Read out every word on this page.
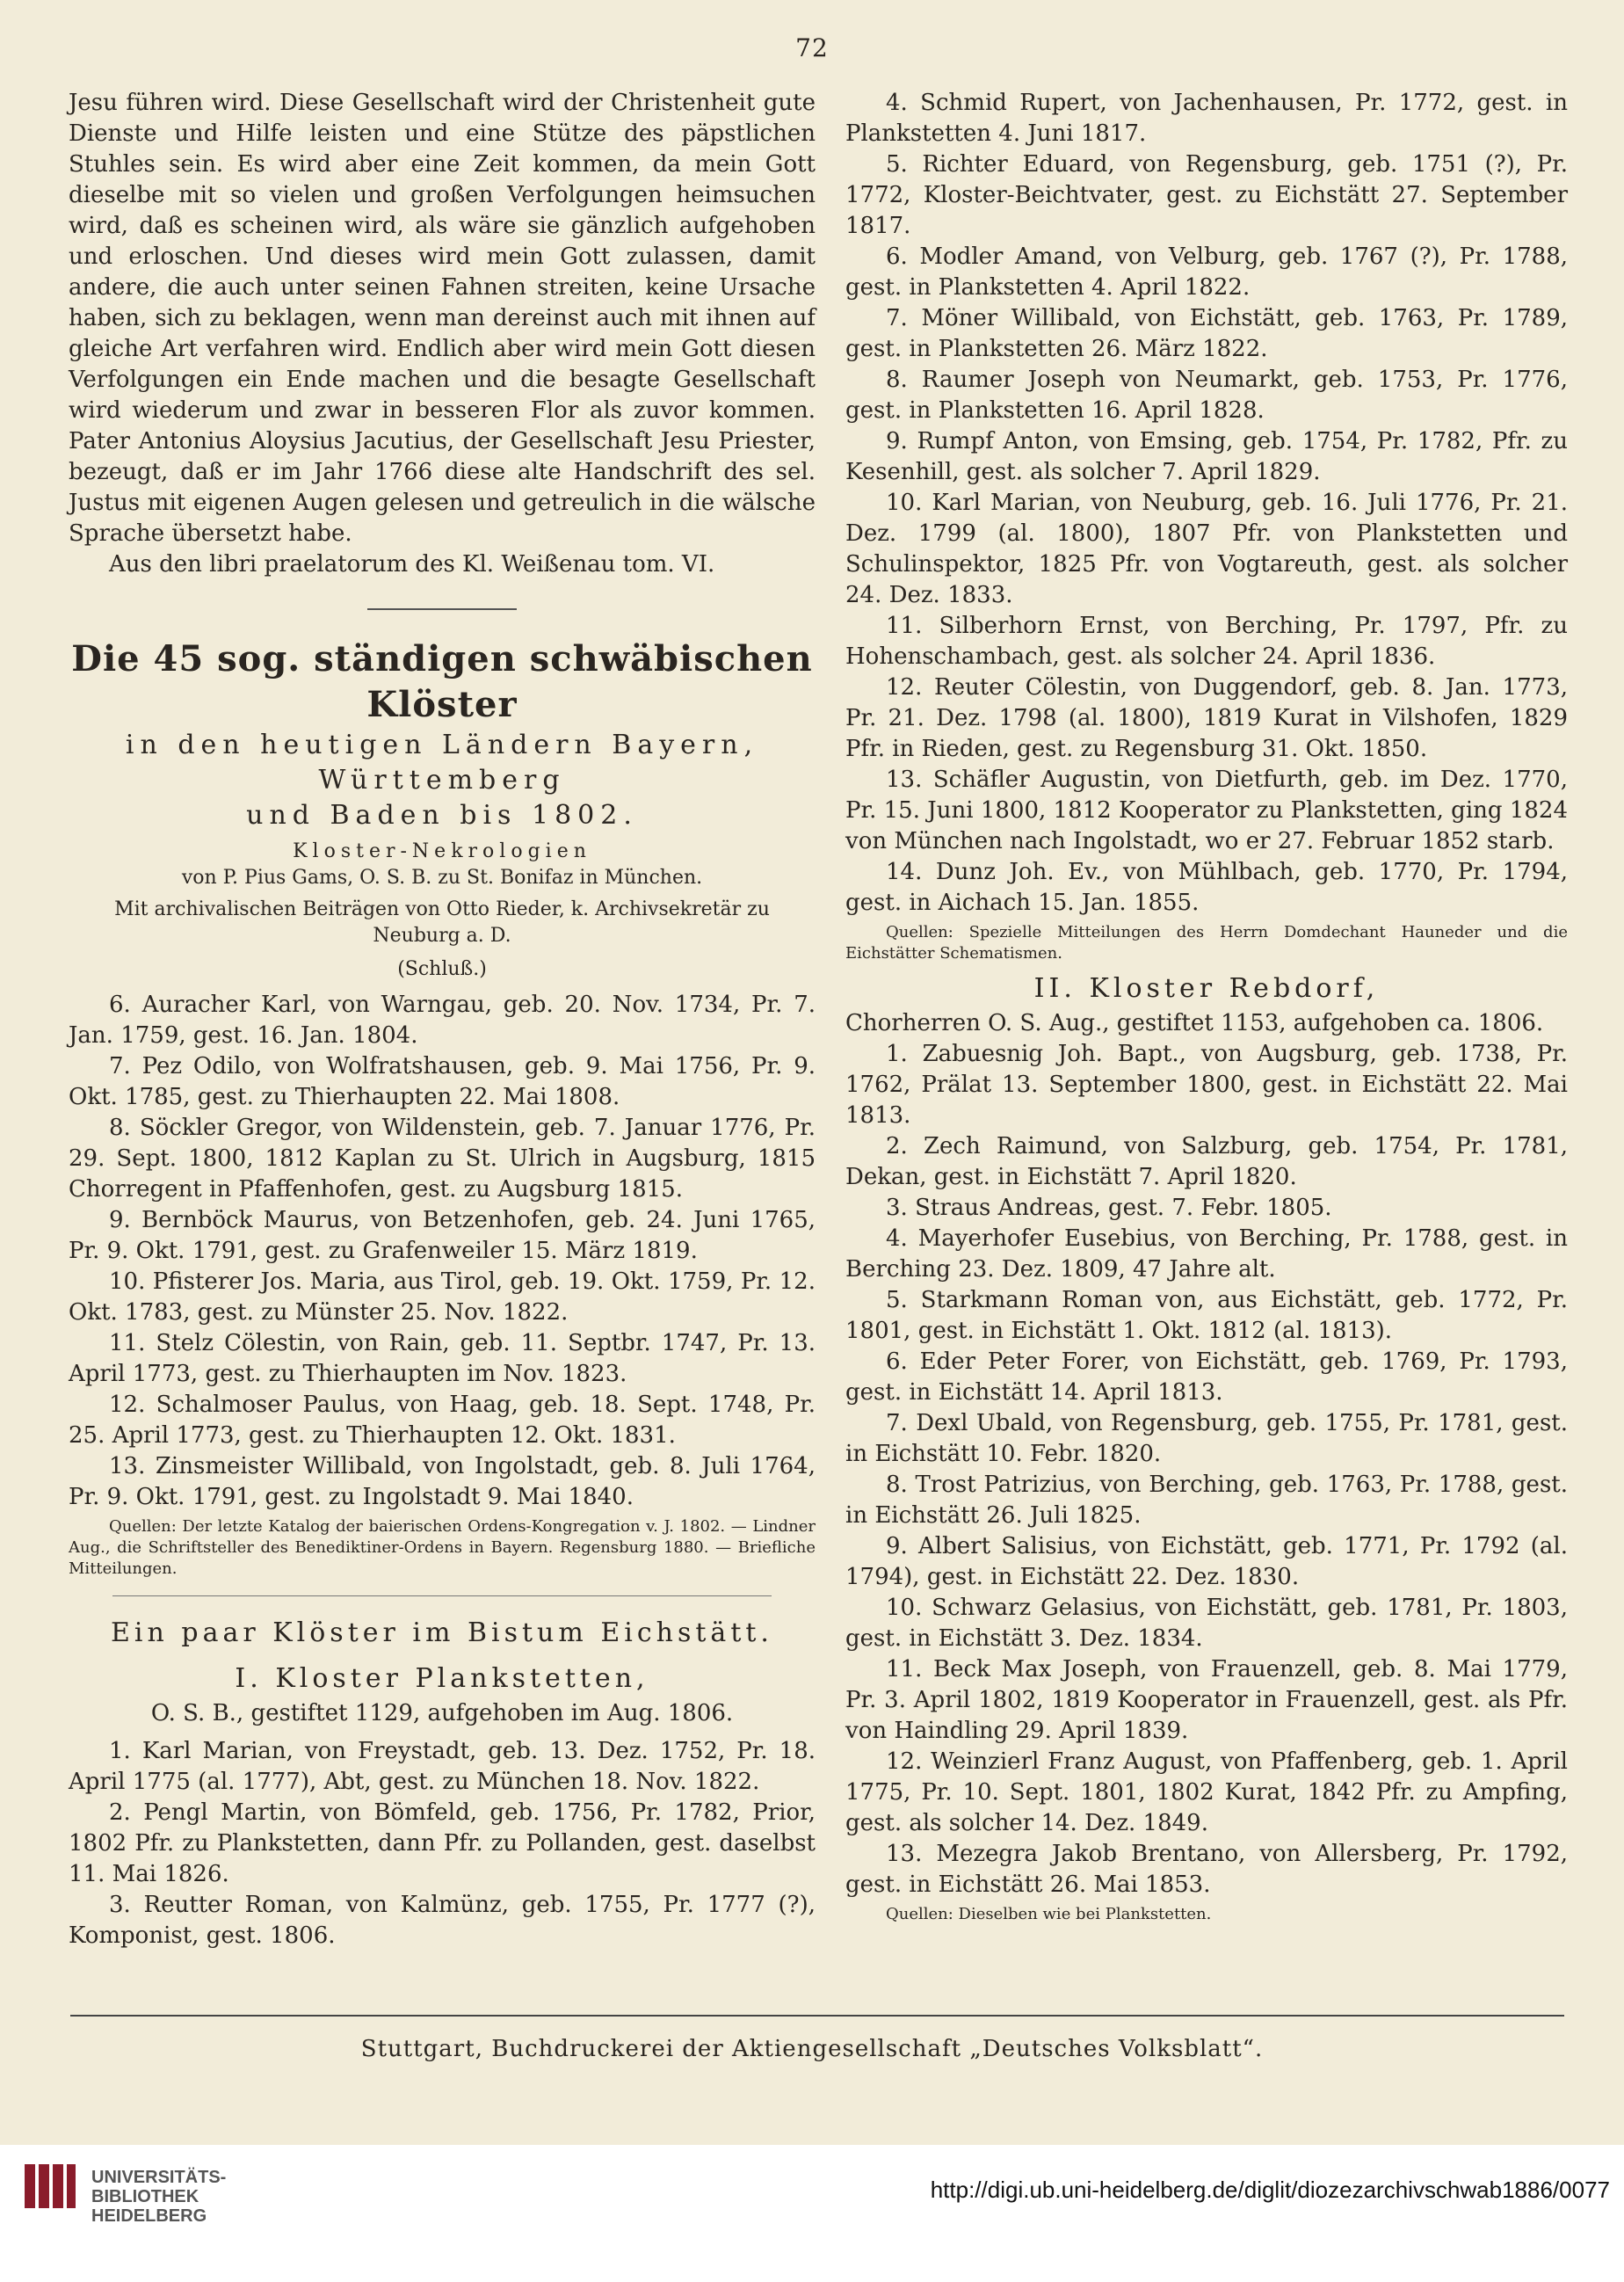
72

Jesu führen wird. Diese Gesellschaft wird der Christenheit gute Dienste und Hilfe leisten und eine Stütze des päpstlichen Stuhles sein. Es wird aber eine Zeit kommen, da mein Gott dieselbe mit so vielen und großen Verfolgungen heimsuchen wird, daß es scheinen wird, als wäre sie gänzlich aufgehoben und erloschen. Und dieses wird mein Gott zulassen, damit andere, die auch unter seinen Fahnen streiten, keine Ursache haben, sich zu beklagen, wenn man dereinst auch mit ihnen auf gleiche Art verfahren wird. Endlich aber wird mein Gott diesen Verfolgungen ein Ende machen und die besagte Gesellschaft wird wiederum und zwar in besseren Flor als zuvor kommen. Pater Antonius Aloysius Jacutius, der Gesellschaft Jesu Priester, bezeugt, daß er im Jahr 1766 diese alte Handschrift des sel. Justus mit eigenen Augen gelesen und getreulich in die wälsche Sprache übersetzt habe.

Aus den libri praelatorum des Kl. Weißenau tom. VI.

Die 45 sog. ständigen schwäbischen Klöster
in den heutigen Ländern Bayern, Württemberg
und Baden bis 1802.
Kloster-Nekrologien
von P. Pius Gams, O. S. B. zu St. Bonifaz in München.
Mit archivalischen Beiträgen von Otto Rieder, k. Archivsekretär zu Neuburg a. D.
(Schluß.)

6. Auracher Karl, von Warngau, geb. 20. Nov. 1734, Pr. 7. Jan. 1759, gest. 16. Jan. 1804.

7. Pez Odilo, von Wolfratshausen, geb. 9. Mai 1756, Pr. 9. Okt. 1785, gest. zu Thierhaupten 22. Mai 1808.

8. Söckler Gregor, von Wildenstein, geb. 7. Januar 1776, Pr. 29. Sept. 1800, 1812 Kaplan zu St. Ulrich in Augsburg, 1815 Chorregent in Pfaffenhofen, gest. zu Augsburg 1815.

9. Bernböck Maurus, von Betzenhofen, geb. 24. Juni 1765, Pr. 9. Okt. 1791, gest. zu Grafenweiler 15. März 1819.

10. Pfisterer Jos. Maria, aus Tirol, geb. 19. Okt. 1759, Pr. 12. Okt. 1783, gest. zu Münster 25. Nov. 1822.

11. Stelz Cölestin, von Rain, geb. 11. Septbr. 1747, Pr. 13. April 1773, gest. zu Thierhaupten im Nov. 1823.

12. Schalmoser Paulus, von Haag, geb. 18. Sept. 1748, Pr. 25. April 1773, gest. zu Thierhaupten 12. Okt. 1831.

13. Zinsmeister Willibald, von Ingolstadt, geb. 8. Juli 1764, Pr. 9. Okt. 1791, gest. zu Ingolstadt 9. Mai 1840.

Quellen: Der letzte Katalog der baierischen Ordens-Kongregation v. J. 1802. — Lindner Aug., die Schriftsteller des Benediktiner-Ordens in Bayern. Regensburg 1880. — Briefliche Mitteilungen.

Ein paar Klöster im Bistum Eichstätt.
I. Kloster Plankstetten,

O. S. B., gestiftet 1129, aufgehoben im Aug. 1806.

1. Karl Marian, von Freystadt, geb. 13. Dez. 1752, Pr. 18. April 1775 (al. 1777), Abt, gest. zu München 18. Nov. 1822.

2. Pengl Martin, von Bömfeld, geb. 1756, Pr. 1782, Prior, 1802 Pfr. zu Plankstetten, dann Pfr. zu Pollanden, gest. daselbst 11. Mai 1826.

3. Reutter Roman, von Kalmünz, geb. 1755, Pr. 1777 (?), Komponist, gest. 1806.

4. Schmid Rupert, von Jachenhausen, Pr. 1772, gest. in Plankstetten 4. Juni 1817.

5. Richter Eduard, von Regensburg, geb. 1751 (?), Pr. 1772, Kloster-Beichtvater, gest. zu Eichstätt 27. September 1817.

6. Modler Amand, von Velburg, geb. 1767 (?), Pr. 1788, gest. in Plankstetten 4. April 1822.

7. Möner Willibald, von Eichstätt, geb. 1763, Pr. 1789, gest. in Plankstetten 26. März 1822.

8. Raumer Joseph von Neumarkt, geb. 1753, Pr. 1776, gest. in Plankstetten 16. April 1828.

9. Rumpf Anton, von Emsing, geb. 1754, Pr. 1782, Pfr. zu Kesenhill, gest. als solcher 7. April 1829.

10. Karl Marian, von Neuburg, geb. 16. Juli 1776, Pr. 21. Dez. 1799 (al. 1800), 1807 Pfr. von Plankstetten und Schulinspektor, 1825 Pfr. von Vogtareuth, gest. als solcher 24. Dez. 1833.

11. Silberhorn Ernst, von Berching, Pr. 1797, Pfr. zu Hohenschambach, gest. als solcher 24. April 1836.

12. Reuter Cölestin, von Duggendorf, geb. 8. Jan. 1773, Pr. 21. Dez. 1798 (al. 1800), 1819 Kurat in Vilshofen, 1829 Pfr. in Rieden, gest. zu Regensburg 31. Okt. 1850.

13. Schäfler Augustin, von Dietfurth, geb. im Dez. 1770, Pr. 15. Juni 1800, 1812 Kooperator zu Plankstetten, ging 1824 von München nach Ingolstadt, wo er 27. Februar 1852 starb.

14. Dunz Joh. Ev., von Mühlbach, geb. 1770, Pr. 1794, gest. in Aichach 15. Jan. 1855.

Quellen: Spezielle Mitteilungen des Herrn Domdechant Hauneder und die Eichstätter Schematismen.

II. Kloster Rebdorf,

Chorherren O. S. Aug., gestiftet 1153, aufgehoben ca. 1806.

1. Zabuesnig Joh. Bapt., von Augsburg, geb. 1738, Pr. 1762, Prälat 13. September 1800, gest. in Eichstätt 22. Mai 1813.

2. Zech Raimund, von Salzburg, geb. 1754, Pr. 1781, Dekan, gest. in Eichstätt 7. April 1820.

3. Straus Andreas, gest. 7. Febr. 1805.

4. Mayerhofer Eusebius, von Berching, Pr. 1788, gest. in Berching 23. Dez. 1809, 47 Jahre alt.

5. Starkmann Roman von, aus Eichstätt, geb. 1772, Pr. 1801, gest. in Eichstätt 1. Okt. 1812 (al. 1813).

6. Eder Peter Forer, von Eichstätt, geb. 1769, Pr. 1793, gest. in Eichstätt 14. April 1813.

7. Dexl Ubald, von Regensburg, geb. 1755, Pr. 1781, gest. in Eichstätt 10. Febr. 1820.

8. Trost Patrizius, von Berching, geb. 1763, Pr. 1788, gest. in Eichstätt 26. Juli 1825.

9. Albert Salisius, von Eichstätt, geb. 1771, Pr. 1792 (al. 1794), gest. in Eichstätt 22. Dez. 1830.

10. Schwarz Gelasius, von Eichstätt, geb. 1781, Pr. 1803, gest. in Eichstätt 3. Dez. 1834.

11. Beck Max Joseph, von Frauenzell, geb. 8. Mai 1779, Pr. 3. April 1802, 1819 Kooperator in Frauenzell, gest. als Pfr. von Haindling 29. April 1839.

12. Weinzierl Franz August, von Pfaffenberg, geb. 1. April 1775, Pr. 10. Sept. 1801, 1802 Kurat, 1842 Pfr. zu Ampfing, gest. als solcher 14. Dez. 1849.

13. Mezegra Jakob Brentano, von Allersberg, Pr. 1792, gest. in Eichstätt 26. Mai 1853.

Quellen: Dieselben wie bei Plankstetten.

Stuttgart, Buchdruckerei der Aktiengesellschaft „Deutsches Volksblatt“.
UNIVERSITÄTS-
BIBLIOTHEK
HEIDELBERG
http://digi.ub.uni-heidelberg.de/diglit/diozezarchivschwab1886/0077
